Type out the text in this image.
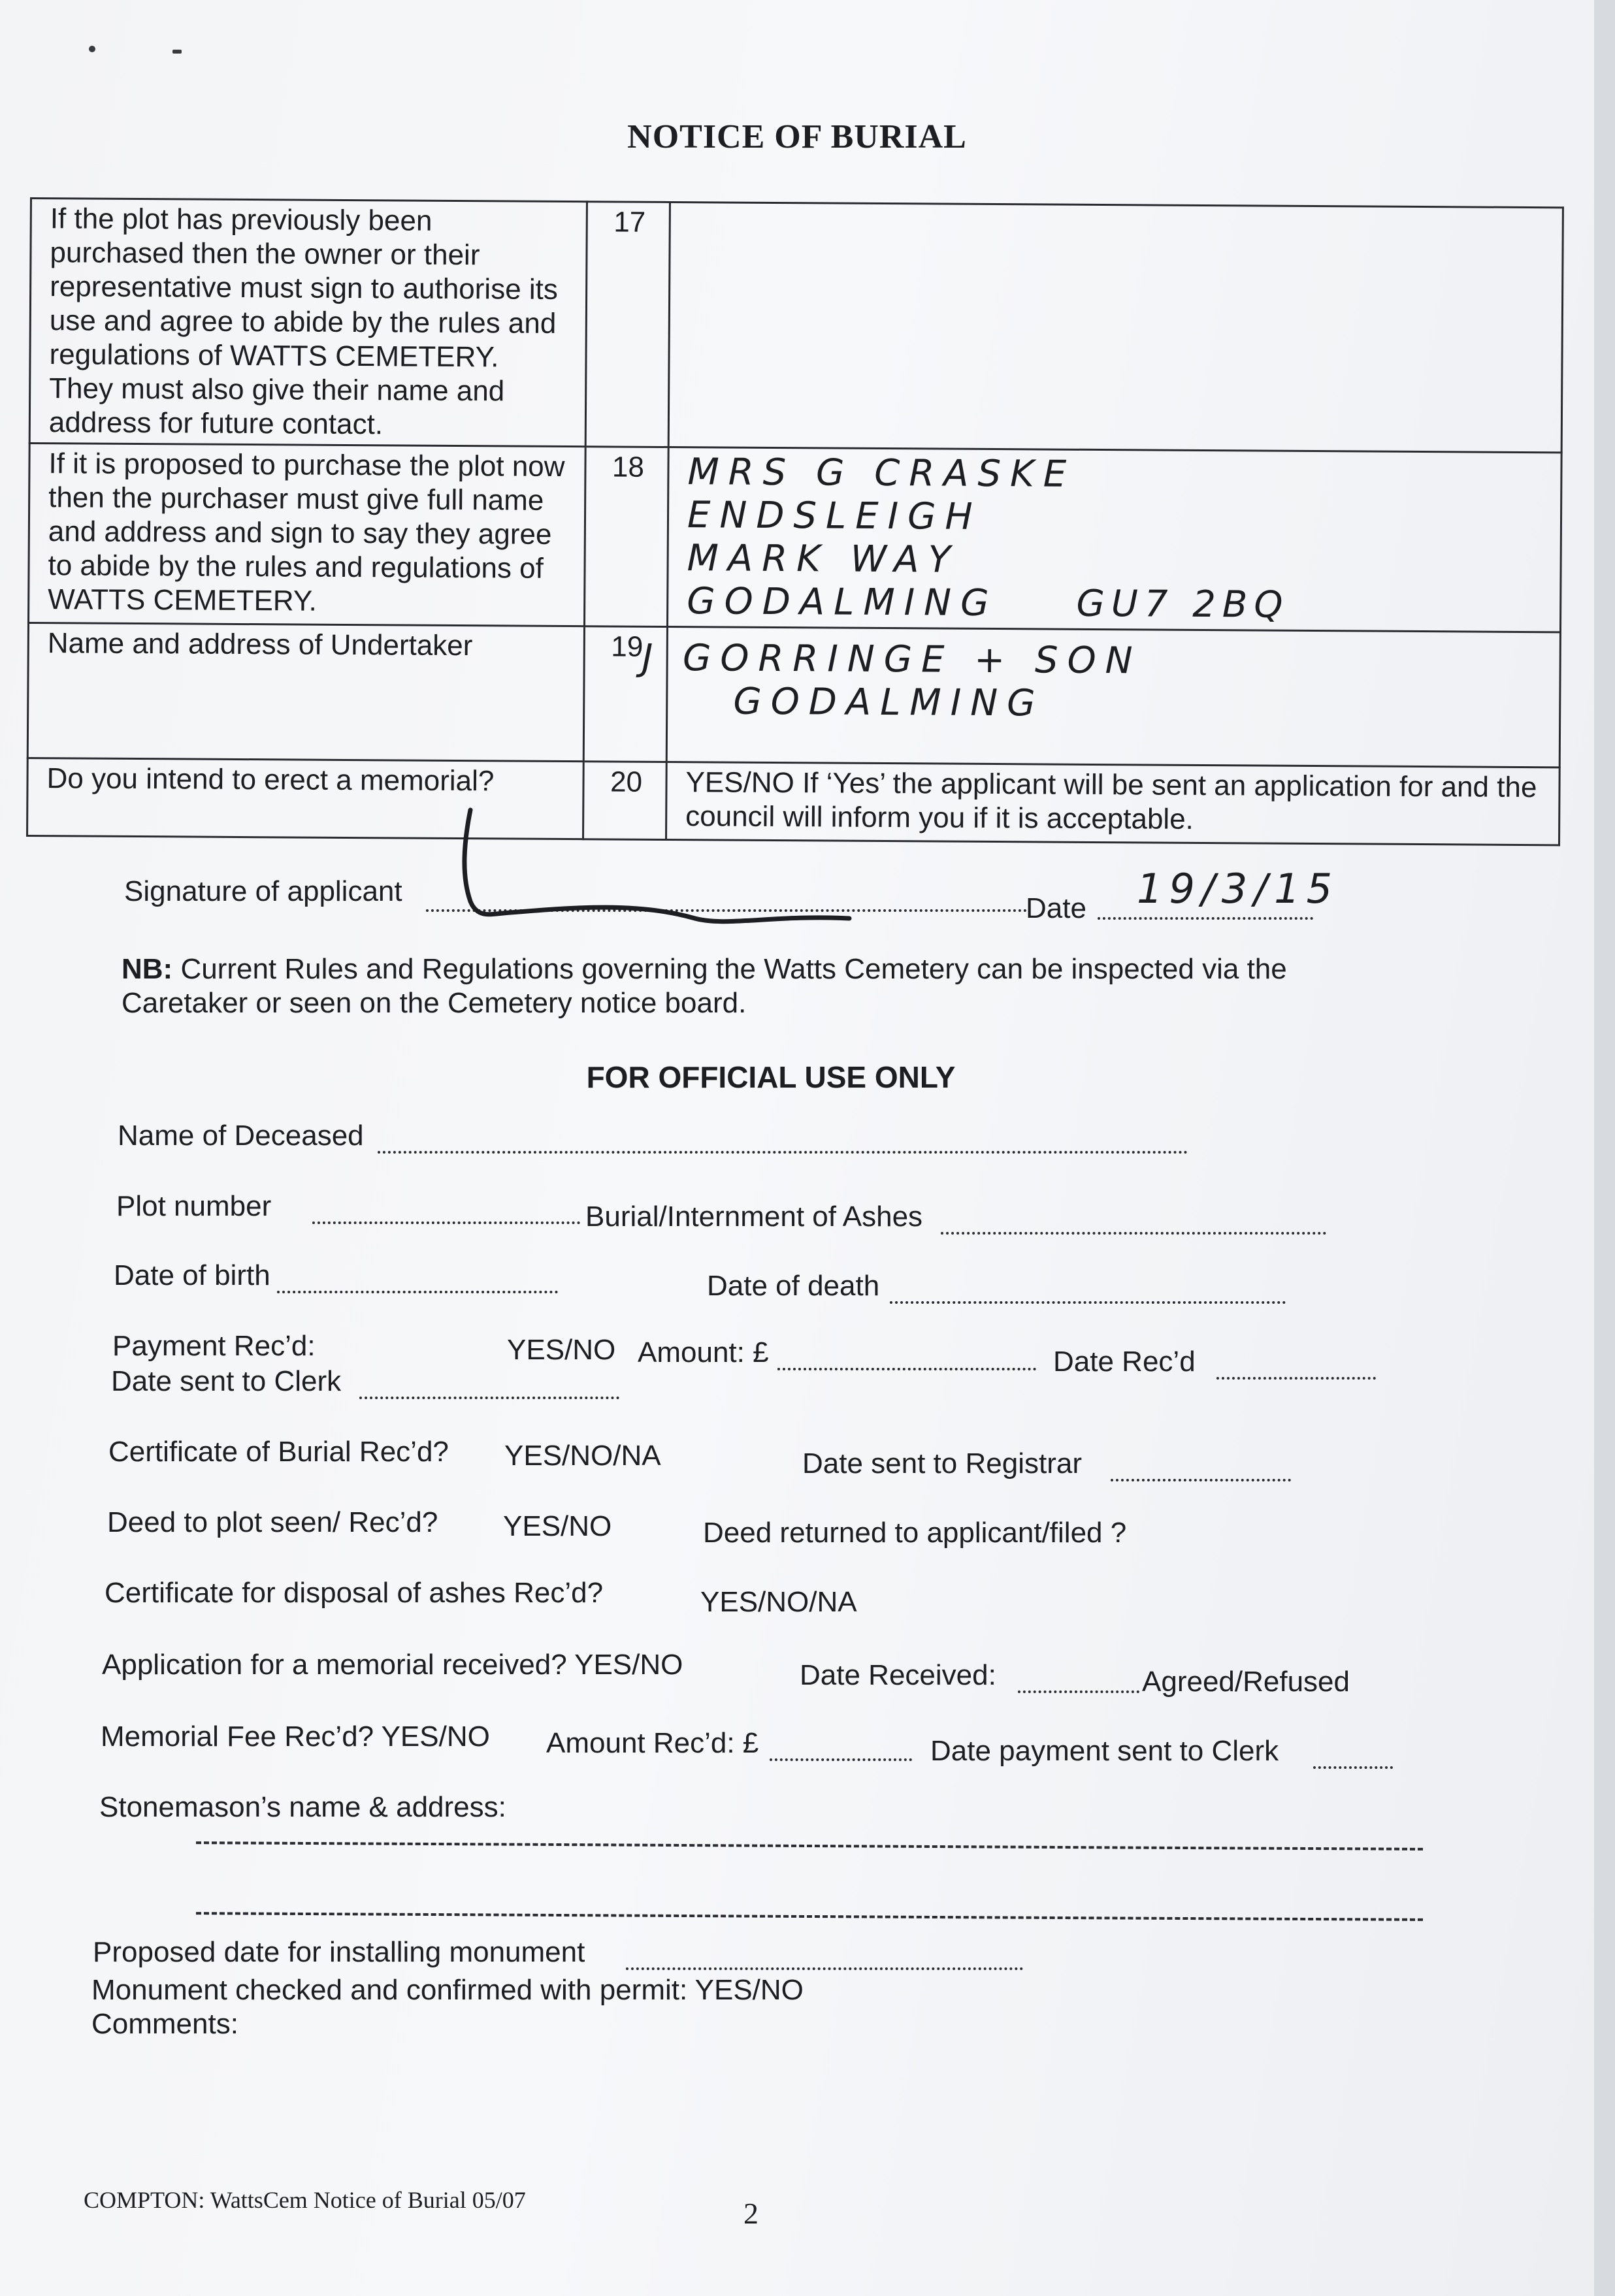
NOTICE OF BURIAL
If the plot has previously been purchased then the owner or their representative must sign to authorise its use and agree to abide by the rules and regulations of WATTS CEMETERY. They must also give their name and address for future contact.	17	
If it is proposed to purchase the plot now then the purchaser must give full name and address and sign to say they agree to abide by the rules and regulations of WATTS CEMETERY.	18	MRS G CRASKE
ENDSLEIGH
MARK WAY
GODALMING GU7 2BQ

Name and address of Undertaker	19	J GORRINGE + SON
GODALMING

Do you intend to erect a memorial?	20	YES/NO If ‘Yes’ the applicant will be sent an application for and the council will inform you if it is acceptable.
Signature of applicant
Date 19/3/15
NB: Current Rules and Regulations governing the Watts Cemetery can be inspected via the Caretaker or seen on the Cemetery notice board.
FOR OFFICIAL USE ONLY
Name of Deceased
Plot number	Burial/Internment of Ashes
Date of birth	Date of death
Payment Rec’d:	YES/NO Amount: £	Date Rec’d
Date sent to Clerk
Certificate of Burial Rec’d? YES/NO/NA	Date sent to Registrar
Deed to plot seen/ Rec’d? YES/NO	Deed returned to applicant/filed ?
Certificate for disposal of ashes Rec’d?	YES/NO/NA
Application for a memorial received? YES/NO	Date Received:	Agreed/Refused
Memorial Fee Rec’d? YES/NO Amount Rec’d: £	Date payment sent to Clerk
Stonemason’s name & address:
Proposed date for installing monument
Monument checked and confirmed with permit: YES/NO
Comments:
COMPTON: WattsCem Notice of Burial 05/07	2
